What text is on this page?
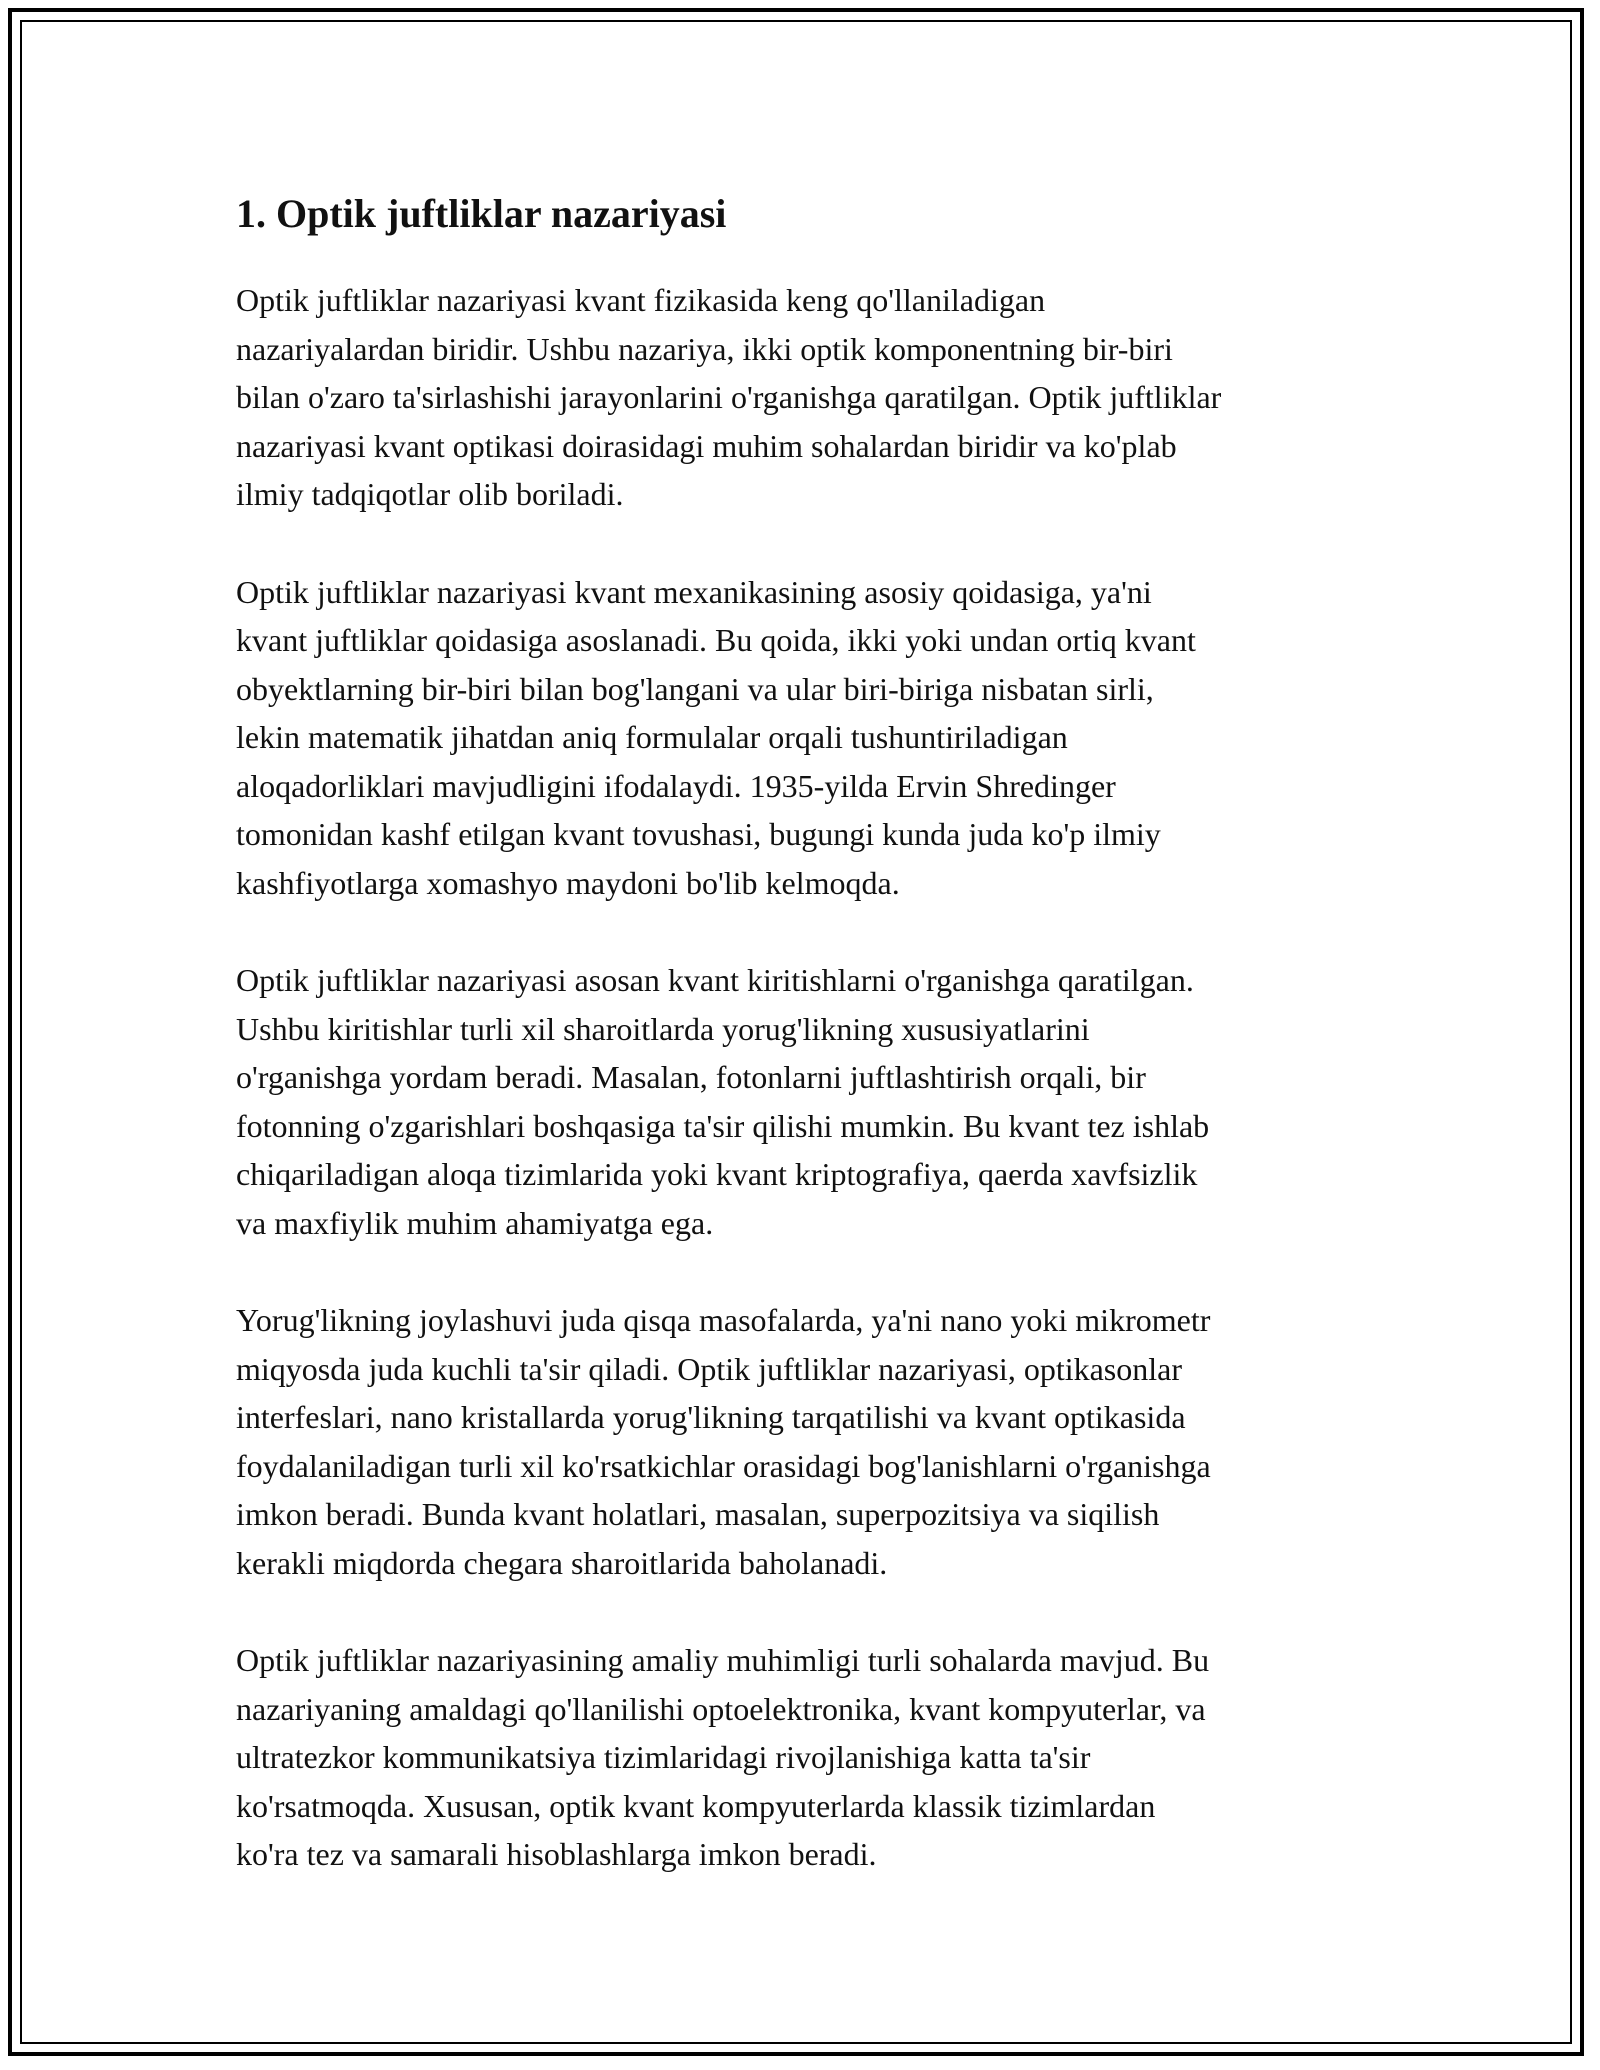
1. Optik juftliklar nazariyasi

Optik juftliklar nazariyasi kvant fizikasida keng qo'llaniladigan
nazariyalardan biridir. Ushbu nazariya, ikki optik komponentning bir-biri
bilan o'zaro ta'sirlashishi jarayonlarini o'rganishga qaratilgan. Optik juftliklar
nazariyasi kvant optikasi doirasidagi muhim sohalardan biridir va ko'plab
ilmiy tadqiqotlar olib boriladi.

Optik juftliklar nazariyasi kvant mexanikasining asosiy qoidasiga, ya'ni
kvant juftliklar qoidasiga asoslanadi. Bu qoida, ikki yoki undan ortiq kvant
obyektlarning bir-biri bilan bog'langani va ular biri-biriga nisbatan sirli,
lekin matematik jihatdan aniq formulalar orqali tushuntiriladigan
aloqadorliklari mavjudligini ifodalaydi. 1935-yilda Ervin Shredinger
tomonidan kashf etilgan kvant tovushasi, bugungi kunda juda ko'p ilmiy
kashfiyotlarga xomashyo maydoni bo'lib kelmoqda.

Optik juftliklar nazariyasi asosan kvant kiritishlarni o'rganishga qaratilgan.
Ushbu kiritishlar turli xil sharoitlarda yorug'likning xususiyatlarini
o'rganishga yordam beradi. Masalan, fotonlarni juftlashtirish orqali, bir
fotonning o'zgarishlari boshqasiga ta'sir qilishi mumkin. Bu kvant tez ishlab
chiqariladigan aloqa tizimlarida yoki kvant kriptografiya, qaerda xavfsizlik
va maxfiylik muhim ahamiyatga ega.

Yorug'likning joylashuvi juda qisqa masofalarda, ya'ni nano yoki mikrometr
miqyosda juda kuchli ta'sir qiladi. Optik juftliklar nazariyasi, optikasonlar
interfeslari, nano kristallarda yorug'likning tarqatilishi va kvant optikasida
foydalaniladigan turli xil ko'rsatkichlar orasidagi bog'lanishlarni o'rganishga
imkon beradi. Bunda kvant holatlari, masalan, superpozitsiya va siqilish
kerakli miqdorda chegara sharoitlarida baholanadi.

Optik juftliklar nazariyasining amaliy muhimligi turli sohalarda mavjud. Bu
nazariyaning amaldagi qo'llanilishi optoelektronika, kvant kompyuterlar, va
ultratezkor kommunikatsiya tizimlaridagi rivojlanishiga katta ta'sir
ko'rsatmoqda. Xususan, optik kvant kompyuterlarda klassik tizimlardan
ko'ra tez va samarali hisoblashlarga imkon beradi.
